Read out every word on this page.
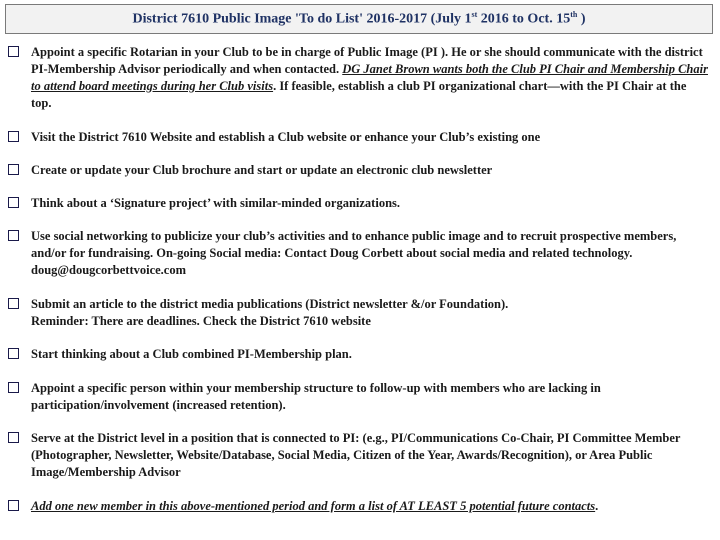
District 7610 Public Image 'To do List' 2016-2017 (July 1st 2016 to Oct. 15th )
Appoint a specific Rotarian in your Club to be in charge of Public Image (PI ). He or she should communicate with the district PI-Membership Advisor periodically and when contacted. DG Janet Brown wants both the Club PI Chair and Membership Chair to attend board meetings during her Club visits. If feasible, establish a club PI organizational chart—with the PI Chair at the top.
Visit the District 7610 Website and establish a Club website or enhance your Club’s existing one
Create or update your Club brochure and start or update an electronic club newsletter
Think about a ‘Signature project’ with similar-minded organizations.
Use social networking to publicize your club’s activities and to enhance public image and to recruit prospective members, and/or for fundraising. On-going Social media: Contact Doug Corbett about social media and related technology. doug@dougcorbettvoice.com
Submit an article to the district media publications (District newsletter &/or Foundation).
Reminder: There are deadlines. Check the District 7610 website
Start thinking about a Club combined PI-Membership plan.
Appoint a specific person within your membership structure to follow-up with members who are lacking in participation/involvement (increased retention).
Serve at the District level in a position that is connected to PI: (e.g., PI/Communications Co-Chair, PI Committee Member (Photographer, Newsletter, Website/Database, Social Media, Citizen of the Year, Awards/Recognition), or Area Public Image/Membership Advisor
Add one new member in this above-mentioned period and form a list of AT LEAST 5 potential future contacts.
